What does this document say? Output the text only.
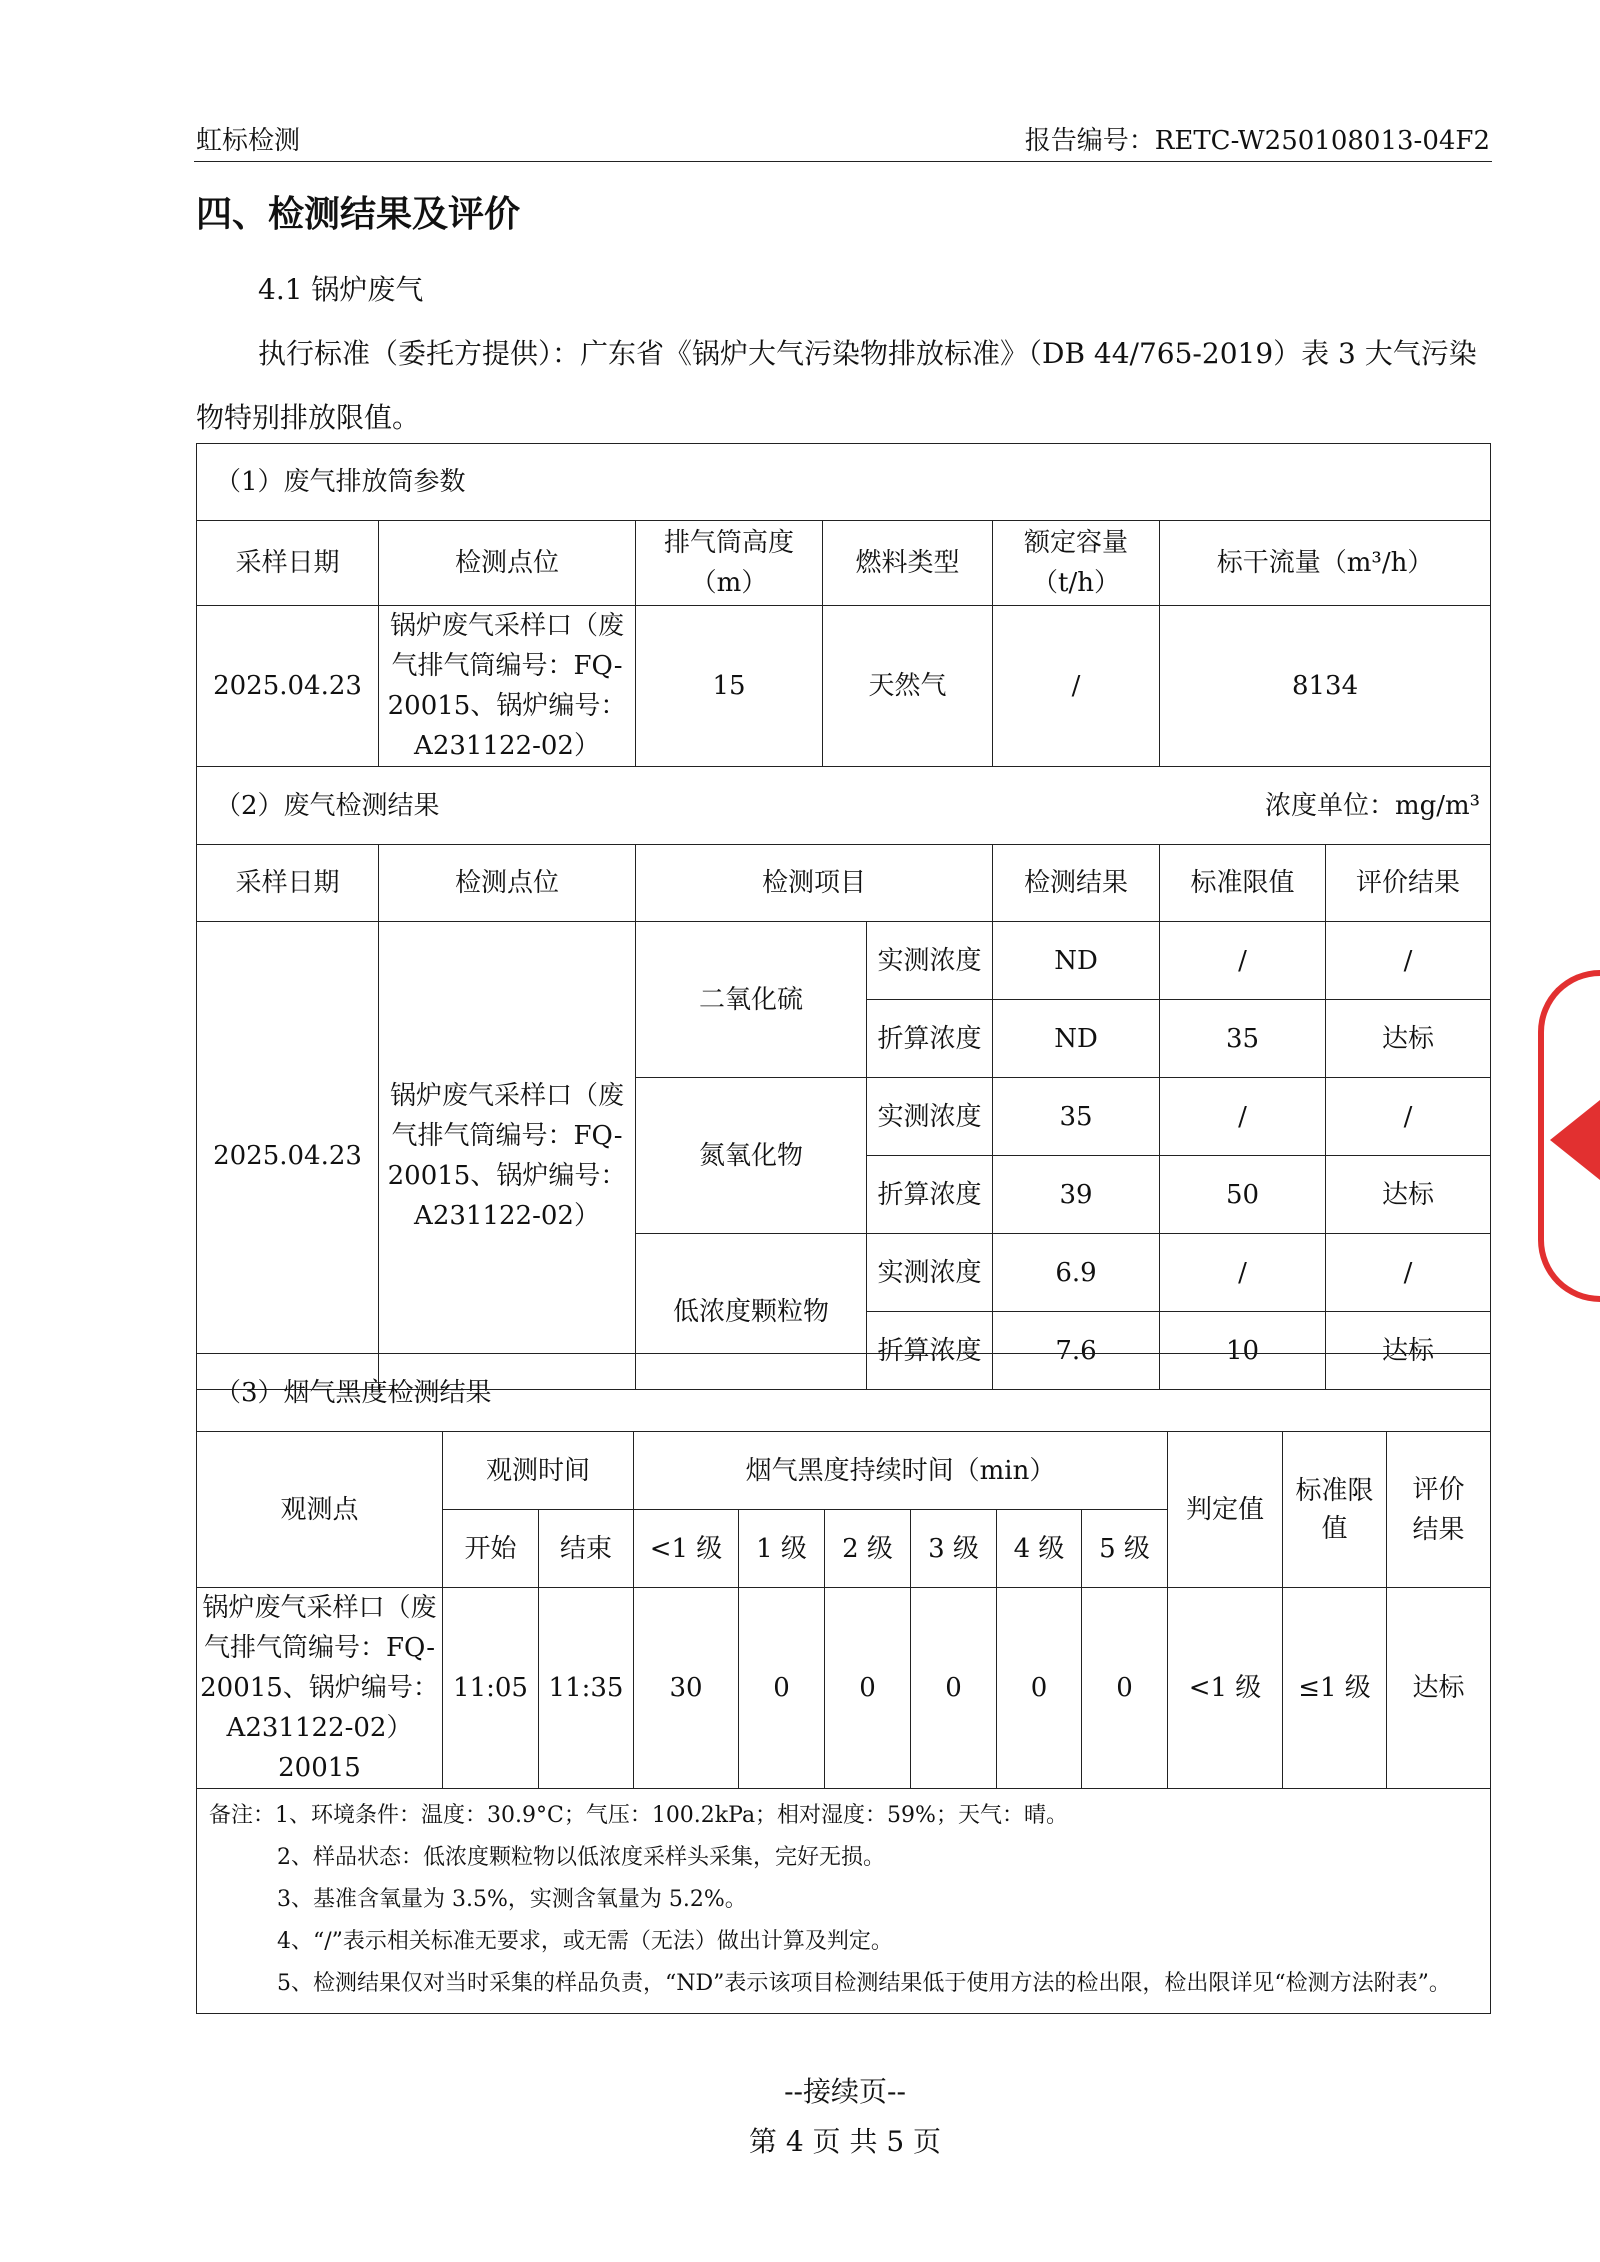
虹标检测	报告编号：RETC-W250108013-04F2
四、检测结果及评价
4.1 锅炉废气
执行标准（委托方提供）：广东省《锅炉大气污染物排放标准》（DB 44/765-2019）表 3 大气污染物特别排放限值。
（1）废气排放筒参数							
采样日期	检测点位	排气筒高度（m）	燃料类型		额定容量（t/h）	标干流量（m³/h）	
2025.04.23	锅炉废气采样口（废气排气筒编号：FQ-20015、锅炉编号：A231122-02）	15	天然气		/	8134	
（2）废气检测结果 浓度单位：mg/m³							

采样日期	检测点位	检测项目			检测结果	标准限值	评价结果
2025.04.23	锅炉废气采样口（废气排气筒编号：FQ-20015、锅炉编号：A231122-02）	二氧化硫		实测浓度	ND	/	/
				折算浓度	ND	35	达标
		氮氧化物		实测浓度	35	/	/
				折算浓度	39	50	达标
		低浓度颗粒物		实测浓度	6.9	/	/
				折算浓度	7.6	10	达标
（3）烟气黑度检测结果											
观测点	观测时间		烟气黑度持续时间（min）						判定值	标准限值	评价结果
	开始	结束	<1 级	1 级	2 级	3 级	4 级	5 级			
锅炉废气采样口（废气排气筒编号：FQ-20015、锅炉编号：A231122-02）20015	11:05	11:35	30	0	0	0	0	0	<1 级	≤1 级	达标

备注：1、环境条件：温度：30.9°C；气压：100.2kPa；相对湿度：59%；天气：晴。
2、样品状态：低浓度颗粒物以低浓度采样头采集，完好无损。
3、基准含氧量为 3.5%，实测含氧量为 5.2%。
4、“/”表示相关标准无要求，或无需（无法）做出计算及判定。
5、检测结果仅对当时采集的样品负责，“ND”表示该项目检测结果低于使用方法的检出限，检出限详见“检测方法附表”。											
--接续页--
第 4 页 共 5 页
